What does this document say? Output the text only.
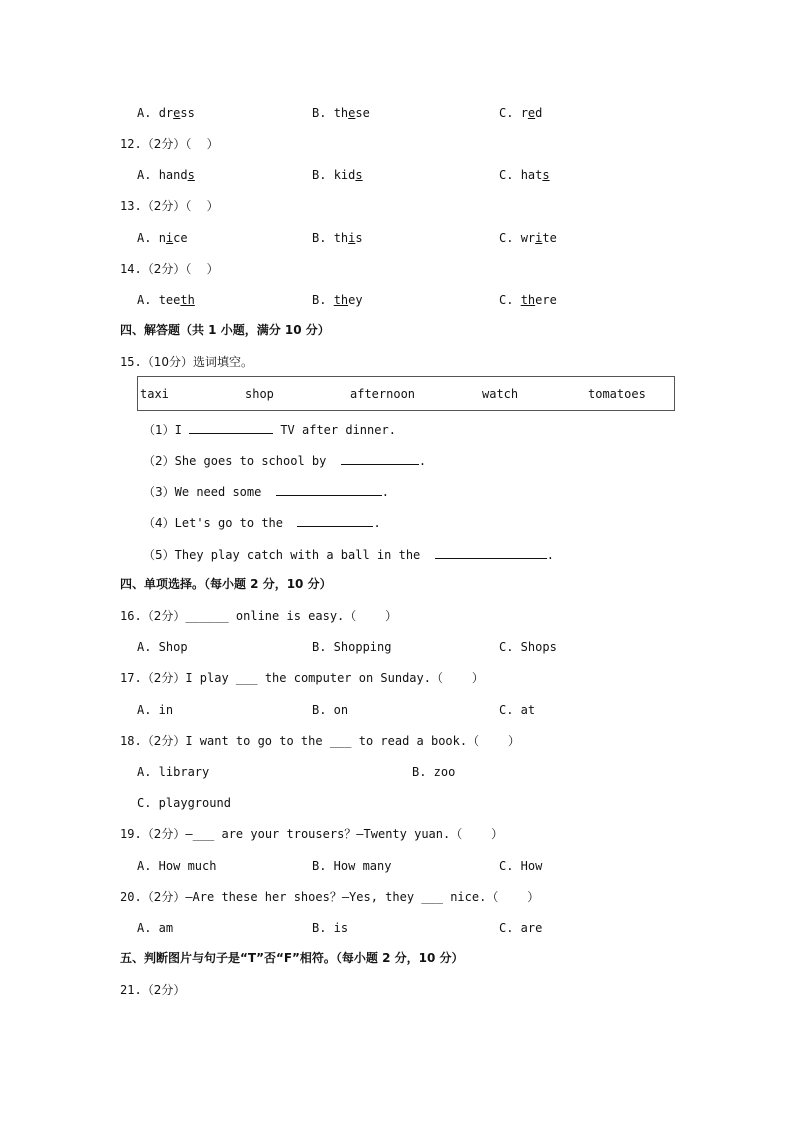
A. dress	B. these	C. red
12.（2分）（    ）
A. hands	B. kids	C. hats
13.（2分）（    ）
A. nice	B. this	C. write
14.（2分）（    ）
A. teeth	B. they	C. there
四、解答题（共 1 小题，满分 10 分）
15.（10分）选词填空。
taxi	shop	afternoon	watch	tomatoes
（1）I	TV after dinner.
（2）She goes to school by	.
（3）We need some	.
（4）Let's go to the	.
（5）They play catch with a ball in the	.
四、单项选择。（每小题 2 分，10 分）
16.（2分）______ online is easy.（    ）
A. Shop	B. Shopping	C. Shops
17.（2分）I play ___ the computer on Sunday.（    ）
A. in	B. on	C. at
18.（2分）I want to go to the ___ to read a book.（    ）
A. library	B. zoo
C. playground
19.（2分）—___ are your trousers？—Twenty yuan.（    ）
A. How much	B. How many	C. How
20.（2分）—Are these her shoes？—Yes, they ___ nice.（    ）
A. am	B. is	C. are
五、判断图片与句子是“T”否“F”相符。（每小题 2 分，10 分）
21.（2分）
